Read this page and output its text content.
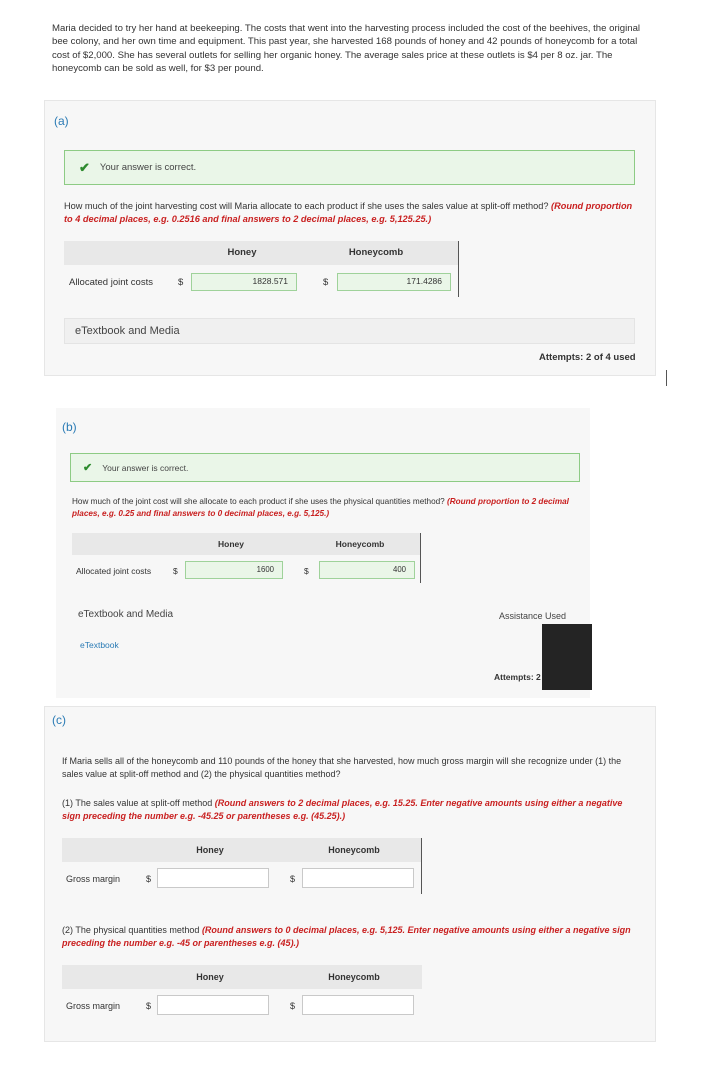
Maria decided to try her hand at beekeeping. The costs that went into the harvesting process included the cost of the beehives, the original bee colony, and her own time and equipment. This past year, she harvested 168 pounds of honey and 42 pounds of honeycomb for a total cost of $2,000. She has several outlets for selling her organic honey. The average sales price at these outlets is $4 per 8 oz. jar. The honeycomb can be sold as well, for $3 per pound.
(a)
✔ Your answer is correct.
How much of the joint harvesting cost will Maria allocate to each product if she uses the sales value at split-off method? (Round proportion to 4 decimal places, e.g. 0.2516 and final answers to 2 decimal places, e.g. 5,125.25.)
Honey	Honeycomb
Allocated joint costs	$	1828.571	$	171.4286
eTextbook and Media
Attempts: 2 of 4 used
(b)
✔ Your answer is correct.
How much of the joint cost will she allocate to each product if she uses the physical quantities method? (Round proportion to 2 decimal places, e.g. 0.25 and final answers to 0 decimal places, e.g. 5,125.)
Honey	Honeycomb
Allocated joint costs	$	1600	$	400
eTextbook and Media
eTextbook
Assistance Used
Attempts: 2
(c)
If Maria sells all of the honeycomb and 110 pounds of the honey that she harvested, how much gross margin will she recognize under (1) the sales value at split-off method and (2) the physical quantities method?
(1) The sales value at split-off method (Round answers to 2 decimal places, e.g. 15.25. Enter negative amounts using either a negative sign preceding the number e.g. -45.25 or parentheses e.g. (45.25).)
Honey	Honeycomb
Gross margin	$	$
(2) The physical quantities method (Round answers to 0 decimal places, e.g. 5,125. Enter negative amounts using either a negative sign preceding the number e.g. -45 or parentheses e.g. (45).)
Honey	Honeycomb
Gross margin	$	$
